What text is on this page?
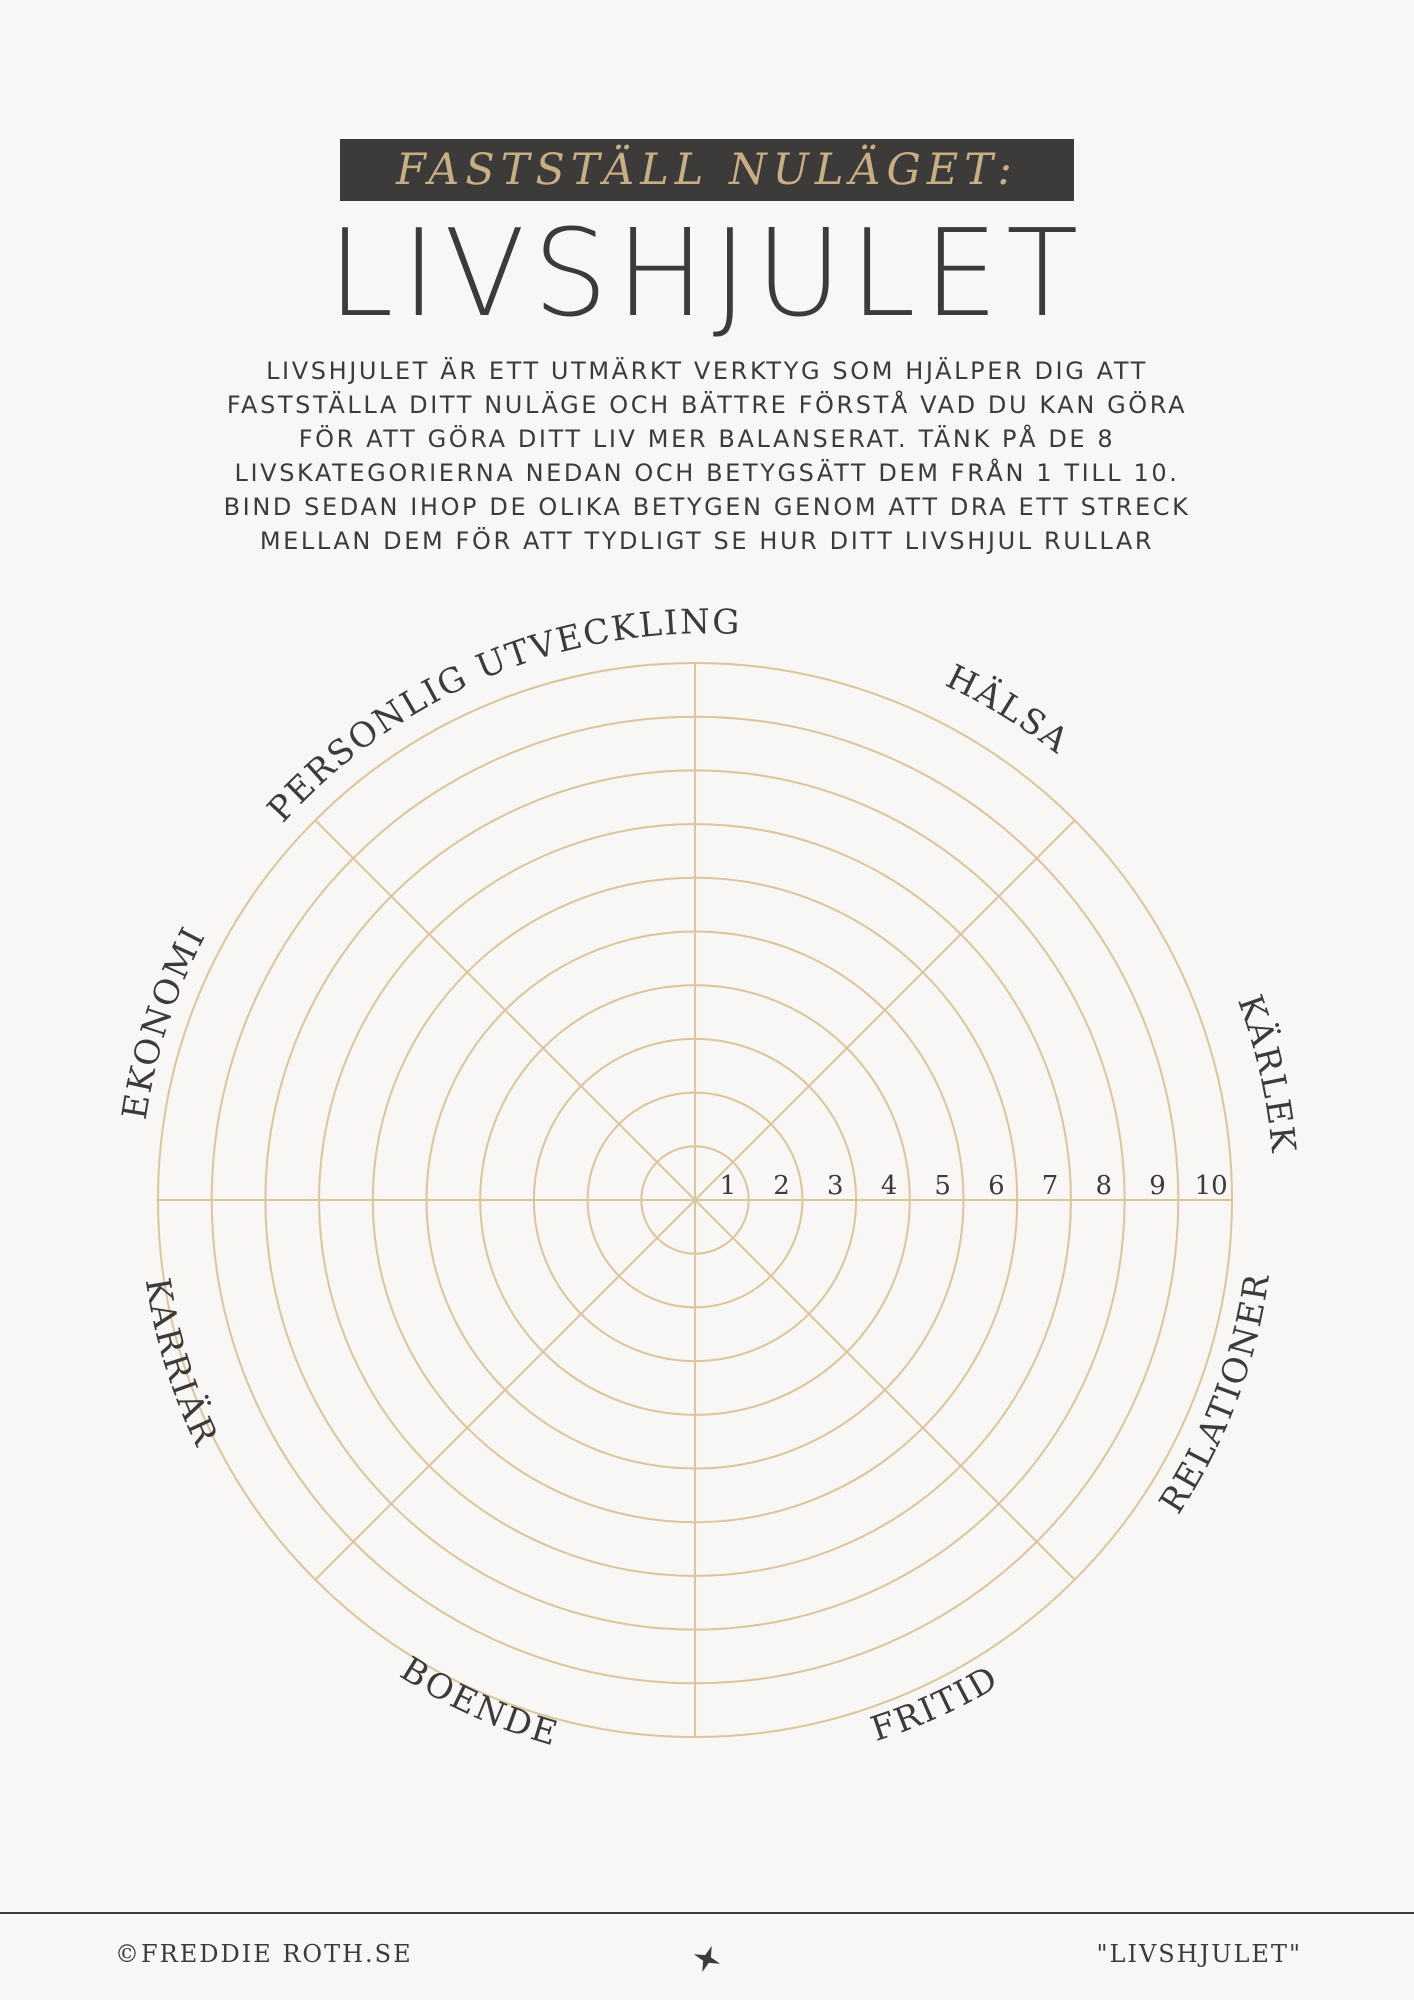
FASTSTÄLL NULÄGET:
LIVSHJULET
LIVSHJULET ÄR ETT UTMÄRKT VERKTYG SOM HJÄLPER DIG ATT
FASTSTÄLLA DITT NULÄGE OCH BÄTTRE FÖRSTÅ VAD DU KAN GÖRA
FÖR ATT GÖRA DITT LIV MER BALANSERAT. TÄNK PÅ DE 8
LIVSKATEGORIERNA NEDAN OCH BETYGSÄTT DEM FRÅN 1 TILL 10.
BIND SEDAN IHOP DE OLIKA BETYGEN GENOM ATT DRA ETT STRECK
MELLAN DEM FÖR ATT TYDLIGT SE HUR DITT LIVSHJUL RULLAR
1 2 3 4 5 6 7 8 9 10
PERSONLIG UTVECKLING
HÄLSA
KÄRLEK
RELATIONER
FRITID
BOENDE
KARRIÄR
EKONOMI
©FREDDIE ROTH.SE	"LIVSHJULET"
